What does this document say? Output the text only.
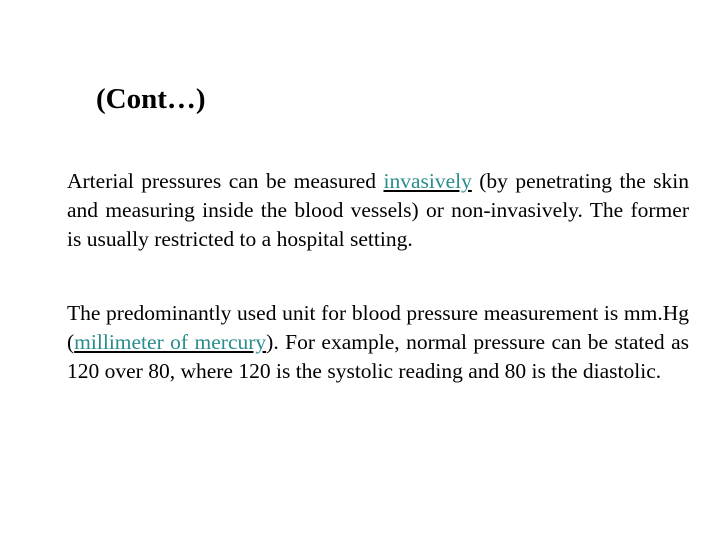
(Cont…)
Arterial pressures can be measured invasively (by penetrating the skin and measuring inside the blood vessels) or non-invasively. The former is usually restricted to a hospital setting.
The predominantly used unit for blood pressure measurement is mm.Hg (millimeter of mercury). For example, normal pressure can be stated as 120 over 80, where 120 is the systolic reading and 80 is the diastolic.
